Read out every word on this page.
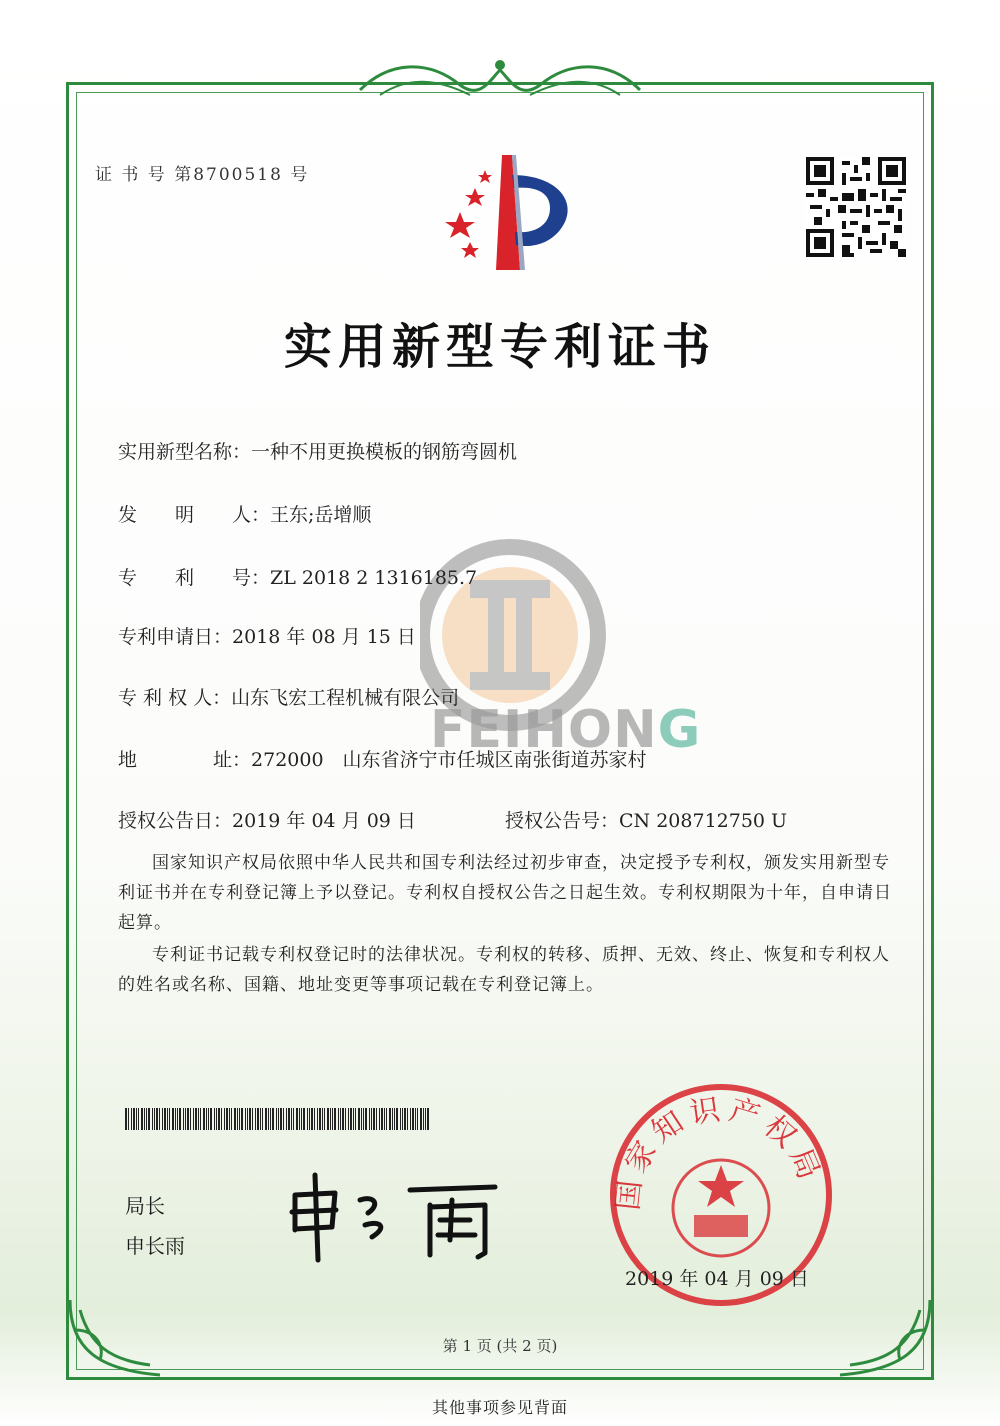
证 书 号 第8700518 号
实用新型专利证书
FEIHONG
实用新型名称：一种不用更换模板的钢筋弯圆机
发　　明　　人：王东;岳增顺
专　　利　　号：ZL 2018 2 1316185.7
专利申请日：2018 年 08 月 15 日
专 利 权 人：山东飞宏工程机械有限公司
地　　　　址：272000　山东省济宁市任城区南张街道苏家村
授权公告日：2019 年 04 月 09 日	授权公告号：CN 208712750 U
国家知识产权局依照中华人民共和国专利法经过初步审查，决定授予专利权，颁发实用新型专利证书并在专利登记簿上予以登记。专利权自授权公告之日起生效。专利权期限为十年，自申请日起算。
专利证书记载专利权登记时的法律状况。专利权的转移、质押、无效、终止、恢复和专利权人的姓名或名称、国籍、地址变更等事项记载在专利登记簿上。
局长
申长雨
国家知识产权局
2019 年 04 月 09 日
第 1 页 (共 2 页)
其他事项参见背面
